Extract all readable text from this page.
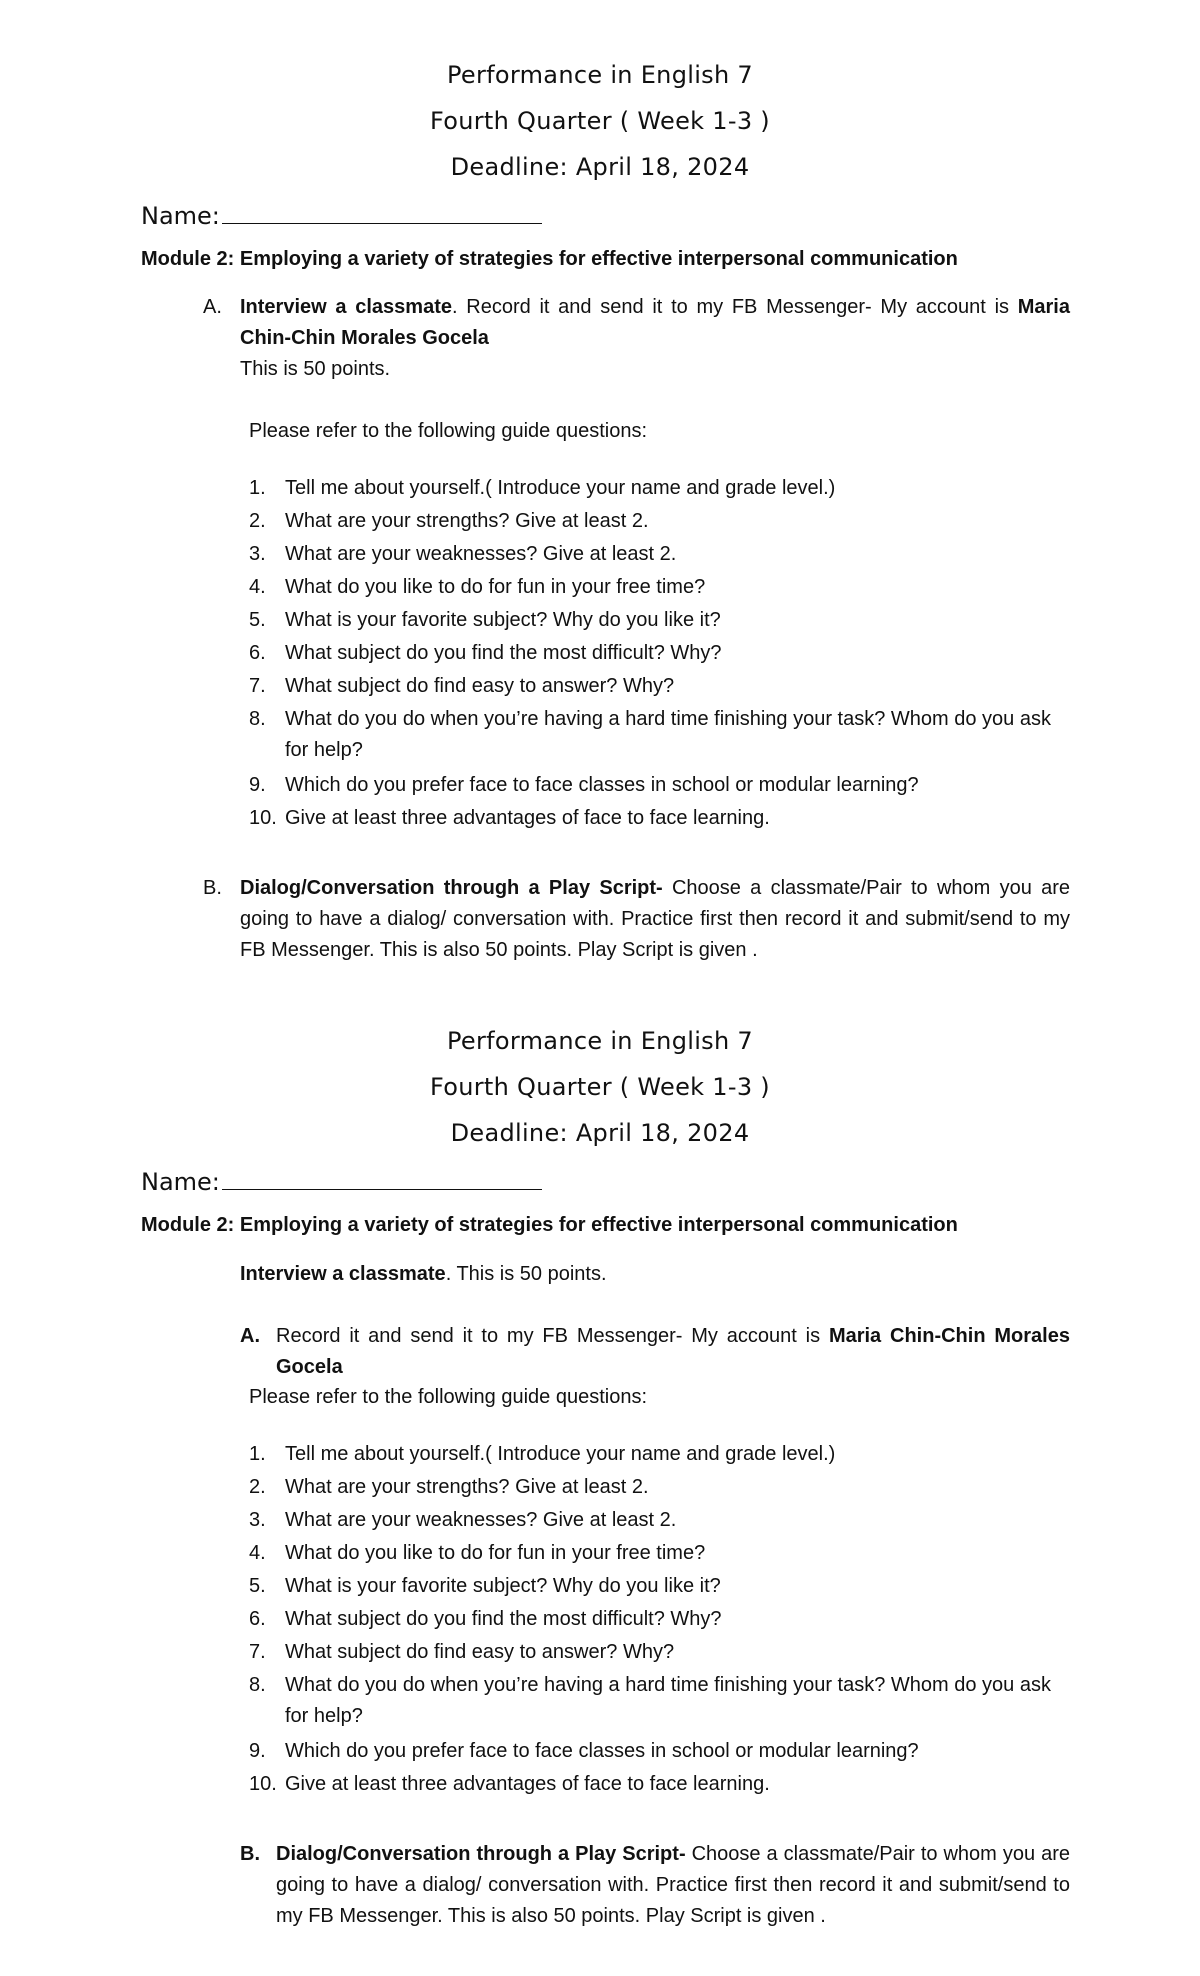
Performance in English 7
Fourth Quarter ( Week 1-3 )
Deadline: April 18, 2024
Name:
Module 2: Employing a variety of strategies for effective interpersonal communication
A. Interview a classmate. Record it and send it to my FB Messenger- My account is Maria Chin-Chin Morales Gocela
This is 50 points.
Please refer to the following guide questions:
1. Tell me about yourself.( Introduce your name and grade level.)
2. What are your strengths? Give at least 2.
3. What are your weaknesses? Give at least 2.
4. What do you like to do for fun in your free time?
5. What is your favorite subject? Why do you like it?
6. What subject do you find the most difficult? Why?
7. What subject do find easy to answer? Why?
8. What do you do when you’re having a hard time finishing your task? Whom do you ask for help?
9. Which do you prefer face to face classes in school or modular learning?
10. Give at least three advantages of face to face learning.
B. Dialog/Conversation through a Play Script- Choose a classmate/Pair to whom you are going to have a dialog/ conversation with. Practice first then record it and submit/send to my FB Messenger. This is also 50 points. Play Script is given .
Performance in English 7
Fourth Quarter ( Week 1-3 )
Deadline: April 18, 2024
Name:
Module 2: Employing a variety of strategies for effective interpersonal communication
Interview a classmate. This is 50 points.
A. Record it and send it to my FB Messenger- My account is Maria Chin-Chin Morales Gocela
Please refer to the following guide questions:
1. Tell me about yourself.( Introduce your name and grade level.)
2. What are your strengths? Give at least 2.
3. What are your weaknesses? Give at least 2.
4. What do you like to do for fun in your free time?
5. What is your favorite subject? Why do you like it?
6. What subject do you find the most difficult? Why?
7. What subject do find easy to answer? Why?
8. What do you do when you’re having a hard time finishing your task? Whom do you ask for help?
9. Which do you prefer face to face classes in school or modular learning?
10. Give at least three advantages of face to face learning.
B. Dialog/Conversation through a Play Script- Choose a classmate/Pair to whom you are going to have a dialog/ conversation with. Practice first then record it and submit/send to my FB Messenger. This is also 50 points. Play Script is given .
